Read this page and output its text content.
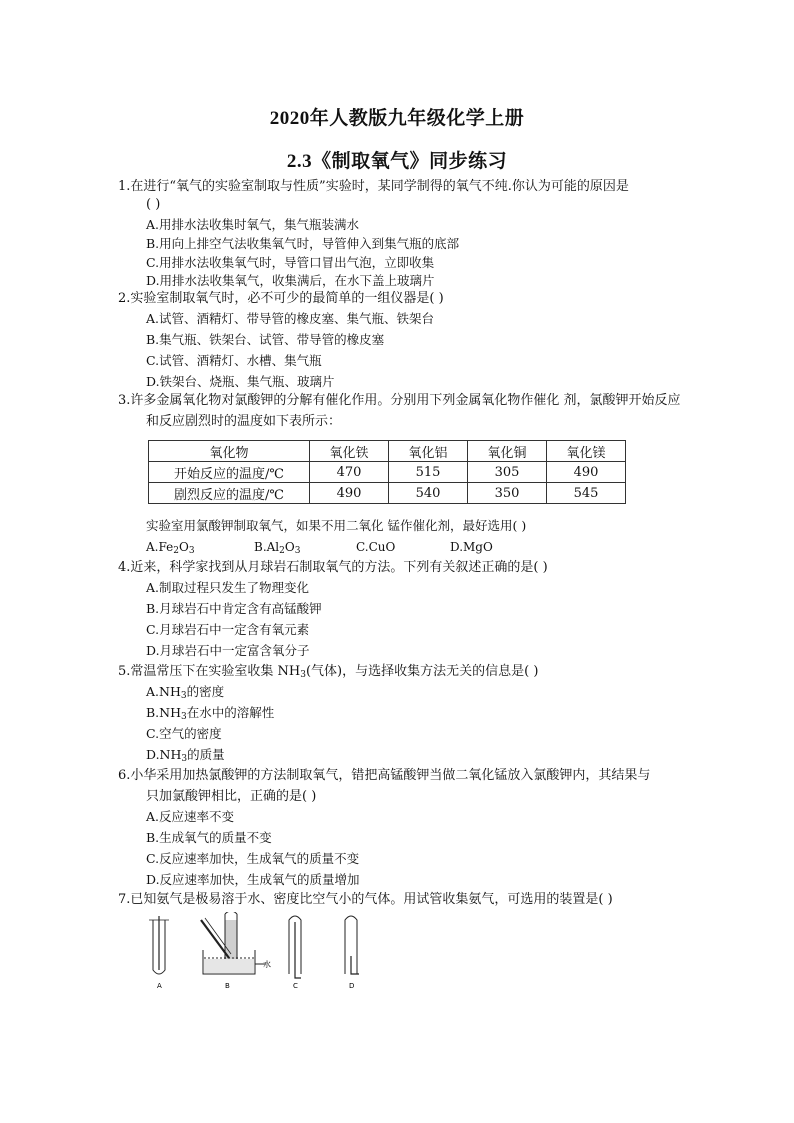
2020年人教版九年级化学上册
2.3《制取氧气》同步练习
1.在进行“氧气的实验室制取与性质”实验时，某同学制得的氧气不纯.你认为可能的原因是
( )
A.用排水法收集时氧气，集气瓶装满水
B.用向上排空气法收集氧气时，导管伸入到集气瓶的底部
C.用排水法收集氧气时，导管口冒出气泡，立即收集
D.用排水法收集氧气，收集满后，在水下盖上玻璃片
2.实验室制取氧气时，必不可少的最简单的一组仪器是( )
A.试管、酒精灯、带导管的橡皮塞、集气瓶、铁架台
B.集气瓶、铁架台、试管、带导管的橡皮塞
C.试管、酒精灯、水槽、集气瓶
D.铁架台、烧瓶、集气瓶、玻璃片
3.许多金属氧化物对氯酸钾的分解有催化作用。分别用下列金属氧化物作催化 剂，氯酸钾开始反应
和反应剧烈时的温度如下表所示：
氧化物	氧化铁	氧化铝	氧化铜	氧化镁
开始反应的温度/℃	470	515	305	490
剧烈反应的温度/℃	490	540	350	545
实验室用氯酸钾制取氧气，如果不用二氧化 锰作催化剂，最好选用( )
$A.Fe_2O_3$	$B.Al_2O_3$	C.CuO	D.MgO
4.近来，科学家找到从月球岩石制取氧气的方法。下列有关叙述正确的是( )
A.制取过程只发生了物理变化
B.月球岩石中肯定含有高锰酸钾
C.月球岩石中一定含有氧元素
D.月球岩石中一定富含氧分子
5.常温常压下在实验室收集 $NH_3$(气体)，与选择收集方法无关的信息是( )
$A.NH_3$的密度
$B.NH_3$在水中的溶解性
C.空气的密度
$D.NH_3$的质量
6.小华采用加热氯酸钾的方法制取氧气，错把高锰酸钾当做二氧化锰放入氯酸钾内，其结果与
只加氯酸钾相比，正确的是( )
A.反应速率不变
B.生成氧气的质量不变
C.反应速率加快，生成氧气的质量不变
D.反应速率加快，生成氧气的质量增加
7.已知氨气是极易溶于水、密度比空气小的气体。用试管收集氨气，可选用的装置是( )
水
A	B	C	D
